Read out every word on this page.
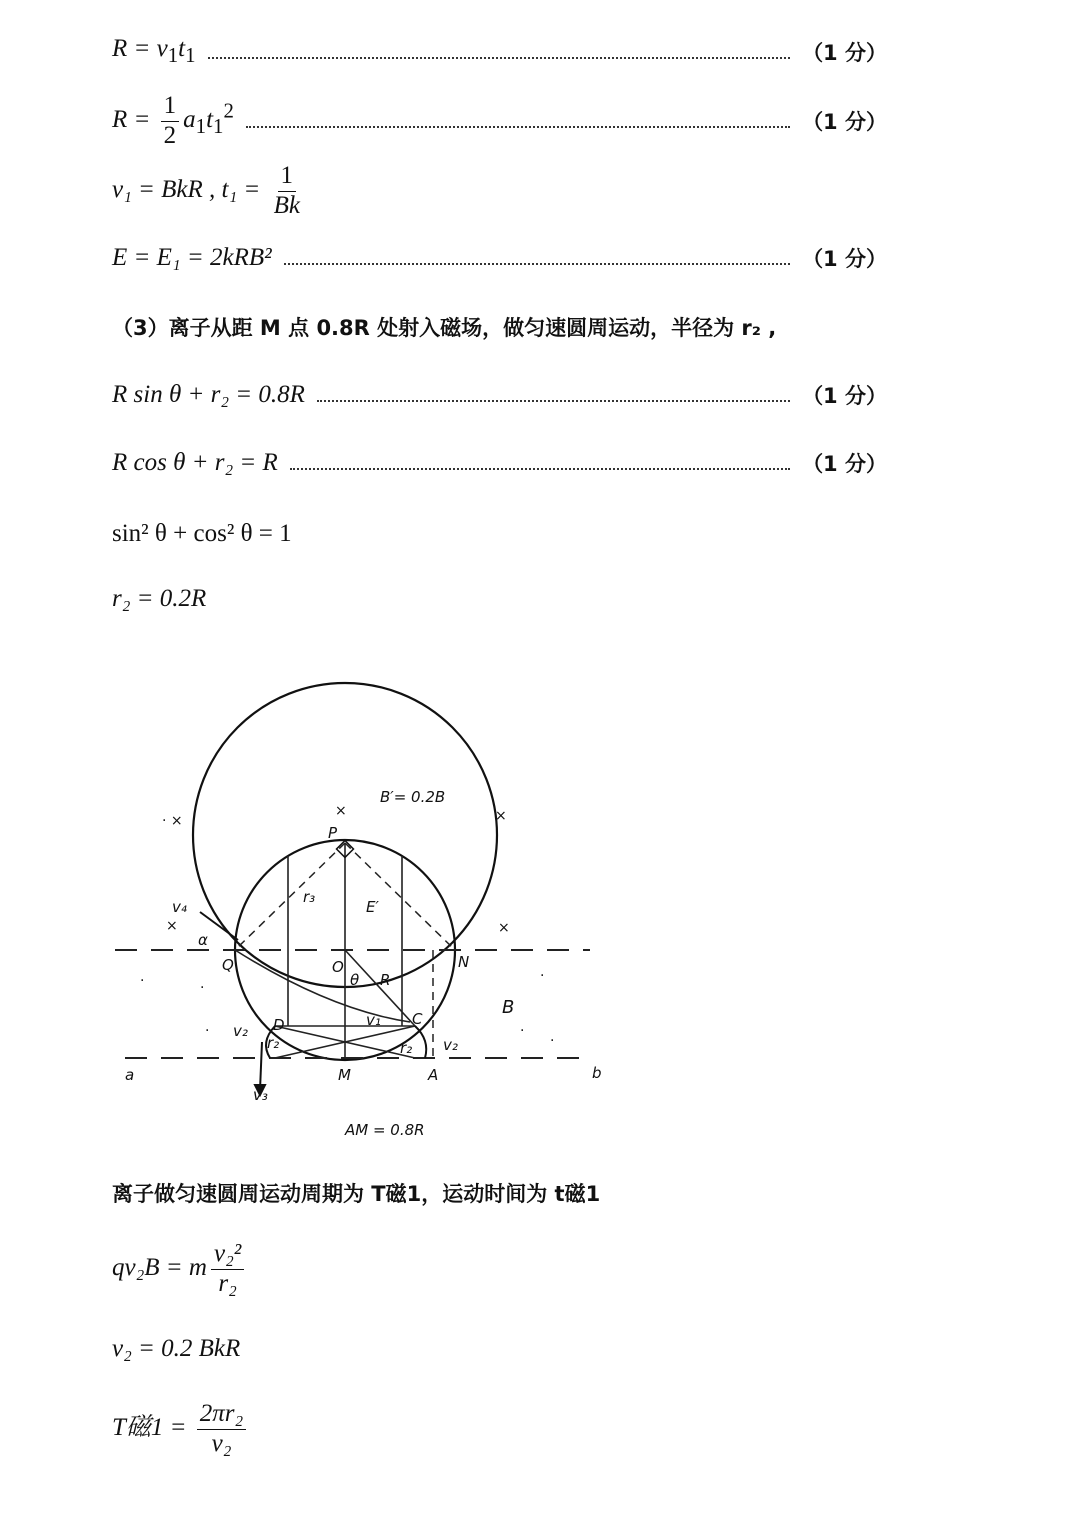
$R = v_1t_1$	（1 分）
$R = \frac{1}{2} a_1t_1^2$	（1 分）
v₁ = BkR , $t_1 = \frac{1}{Bk}$
E = E₁ = 2kRB²	（1 分）
（3）离子从距 M 点 0.8R 处射入磁场，做匀速圆周运动，半径为 r₂ ,
R sin θ + r₂ = 0.8R	（1 分）
R cos θ + r₂ = R	（1 分）
sin² θ + cos² θ = 1
r₂ = 0.2R
B′= 0.2B
B
P
O
Q	N
D	C
M	A
a	b
R
θ
r₃
E′
α
v₄
v₂
v₃
v₂
r₂	r₂
v₁
AM = 0.8R
· ×
×	×
×	×
·	·
·
·	·
·
离子做匀速圆周运动周期为 T磁1，运动时间为 t磁1
qv₂B = m $\frac{\text{v₂²}}{\text{r₂}}$
v₂ = 0.2 BkR
T磁$1 = \frac{\text{2πr₂}}{\text{v₂}}$
